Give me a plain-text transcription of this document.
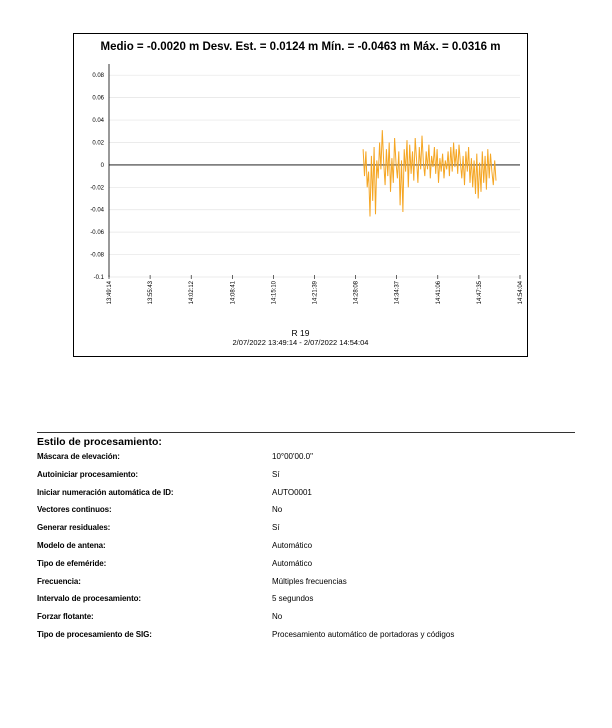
Medio = -0.0020 m Desv. Est. = 0.0124 m Mín. = -0.0463 m Máx. = 0.0316 m
0.08
0.06
0.04
0.02
0
-0.02
-0.04
-0.06
-0.08
-0.1
13:49:14	13:55:43	14:02:12	14:08:41	14:15:10	14:21:39	14:28:08	14:34:37	14:41:06	14:47:35	14:54:04
R 19
2/07/2022 13:49:14 - 2/07/2022 14:54:04
Estilo de procesamiento:
Máscara de elevación:	10°00'00.0"
Autoiniciar procesamiento:	Sí
Iniciar numeración automática de ID:	AUTO0001
Vectores continuos:	No
Generar residuales:	Sí
Modelo de antena:	Automático
Tipo de efeméride:	Automático
Frecuencia:	Múltiples frecuencias
Intervalo de procesamiento:	5 segundos
Forzar flotante:	No
Tipo de procesamiento de SIG:	Procesamiento automático de portadoras y códigos
